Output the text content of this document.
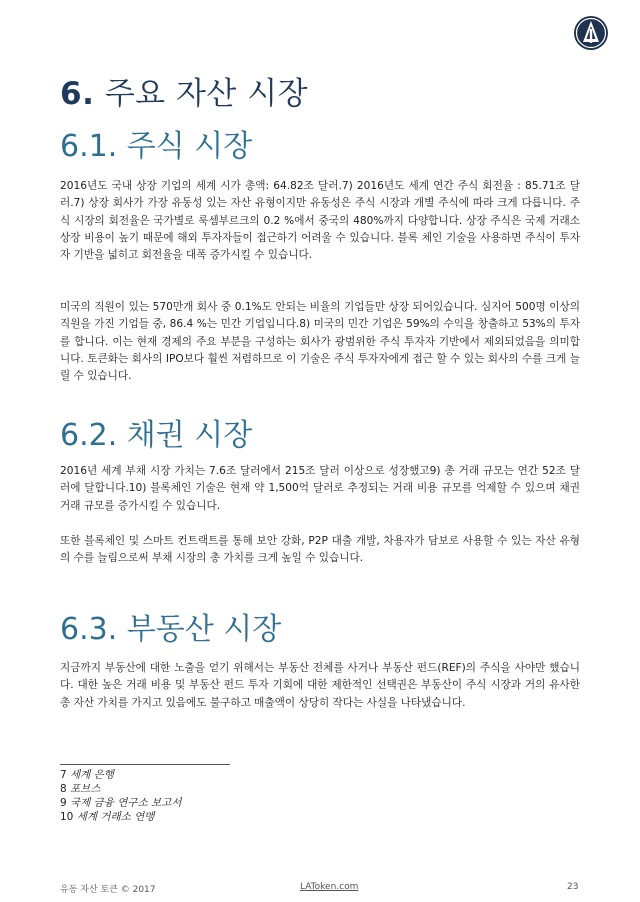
6. 주요 자산 시장
6.1. 주식 시장

2016년도 국내 상장 기업의 세계 시가 총액: 64.82조 달러.7) 2016년도 세계 연간 주식 회전율 : 85.71조 달러.7) 상장 회사가 가장 유동성 있는 자산 유형이지만 유동성은 주식 시장과 개별 주식에 따라 크게 다릅니다. 주식 시장의 회전율은 국가별로 룩셈부르크의 0.2 %에서 중국의 480%까지 다양합니다. 상장 주식은 국제 거래소 상장 비용이 높기 때문에 해외 투자자들이 접근하기 어려울 수 있습니다. 블록 체인 기술을 사용하면 주식이 투자자 기반을 넓히고 회전율을 대폭 증가시킬 수 있습니다.

미국의 직원이 있는 570만개 회사 중 0.1%도 안되는 비율의 기업들만 상장 되어있습니다. 심지어 500명 이상의 직원을 가진 기업들 중, 86.4 %는 민간 기업입니다.8) 미국의 민간 기업은 59%의 수익을 창출하고 53%의 투자를 합니다. 이는 현재 경제의 주요 부분을 구성하는 회사가 광범위한 주식 투자자 기반에서 제외되었음을 의미합니다. 토큰화는 회사의 IPO보다 훨씬 저렴하므로 이 기술은 주식 투자자에게 접근 할 수 있는 회사의 수를 크게 늘릴 수 있습니다.

6.2. 채권 시장

2016년 세계 부채 시장 가치는 7.6조 달러에서 215조 달러 이상으로 성장했고9) 총 거래 규모는 연간 52조 달러에 달합니다.10) 블록체인 기술은 현재 약 1,500억 달러로 추정되는 거래 비용 규모를 억제할 수 있으며 채권 거래 규모를 증가시킬 수 있습니다.

또한 블록체인 및 스마트 컨트랙트를 통해 보안 강화, P2P 대출 개발, 차용자가 담보로 사용할 수 있는 자산 유형의 수를 늘림으로써 부채 시장의 총 가치를 크게 높일 수 있습니다.

6.3. 부동산 시장

지금까지 부동산에 대한 노출을 얻기 위해서는 부동산 전체를 사거나 부동산 펀드(REF)의 주식을 사야만 했습니다. 대한 높은 거래 비용 및 부동산 펀드 투자 기회에 대한 제한적인 선택권은 부동산이 주식 시장과 거의 유사한 총 자산 가치를 가지고 있음에도 불구하고 매출액이 상당히 작다는 사실을 나타냈습니다.

7 세계 은행
8 포브스
9 국제 금융 연구소 보고서
10 세계 거래소 연맹
유동 자산 토큰 © 2017	LAToken.com	23
